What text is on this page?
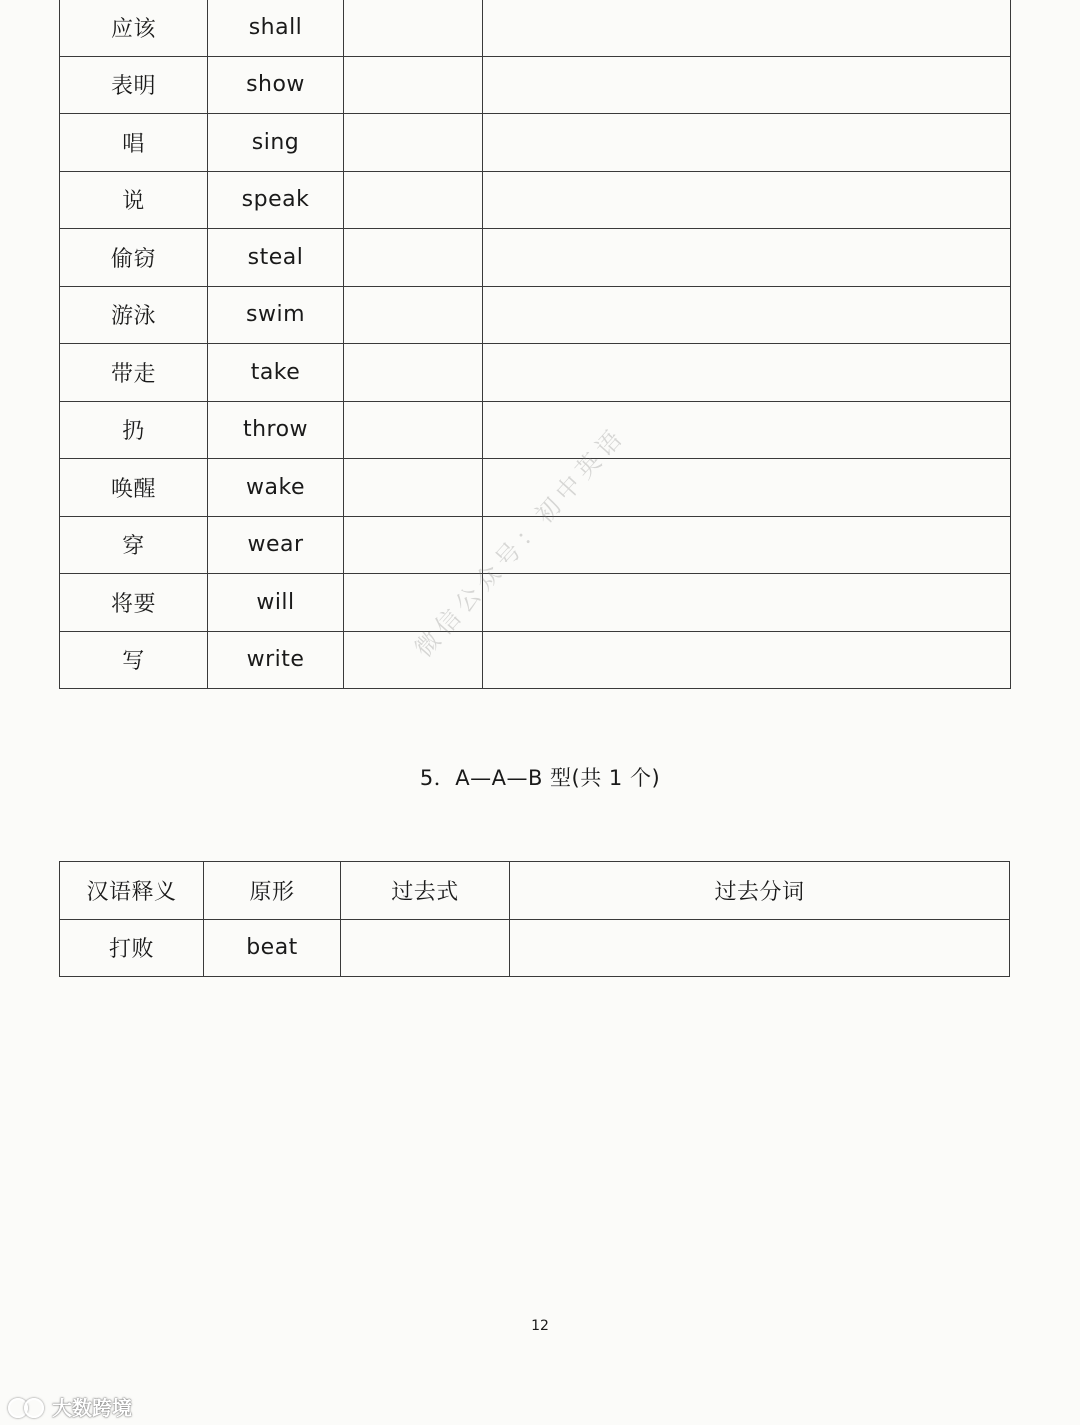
应该	shall		
表明	show		
唱	sing		
说	speak		
偷窃	steal		
游泳	swim		
带走	take		
扔	throw		
唤醒	wake		
穿	wear		
将要	will		
写	write			微信公众号：初中英语
5．A—A—B 型(共 1 个)
汉语释义	原形	过去式	过去分词
打败	beat		
12
大数跨境
